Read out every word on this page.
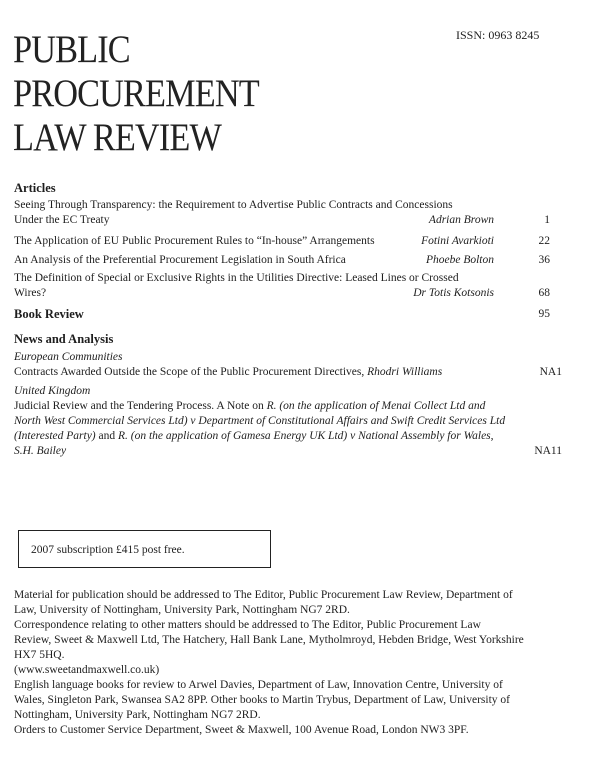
PUBLIC
PROCUREMENT
LAW REVIEW
ISSN: 0963 8245
Articles
Seeing Through Transparency: the Requirement to Advertise Public Contracts and Concessions
Under the EC Treaty	Adrian Brown	1
The Application of EU Public Procurement Rules to “In-house” Arrangements	Fotini Avarkioti	22
An Analysis of the Preferential Procurement Legislation in South Africa	Phoebe Bolton	36
The Definition of Special or Exclusive Rights in the Utilities Directive: Leased Lines or Crossed
Wires?	Dr Totis Kotsonis	68
Book Review	95
News and Analysis
European Communities
Contracts Awarded Outside the Scope of the Public Procurement Directives, Rhodri Williams	NA1
United Kingdom
Judicial Review and the Tendering Process. A Note on R. (on the application of Menai Collect Ltd and
North West Commercial Services Ltd) v Department of Constitutional Affairs and Swift Credit Services Ltd
(Interested Party) and R. (on the application of Gamesa Energy UK Ltd) v National Assembly for Wales,
S.H. Bailey	NA11
2007 subscription £415 post free.
Material for publication should be addressed to The Editor, Public Procurement Law Review, Department of
Law, University of Nottingham, University Park, Nottingham NG7 2RD.
Correspondence relating to other matters should be addressed to The Editor, Public Procurement Law
Review, Sweet & Maxwell Ltd, The Hatchery, Hall Bank Lane, Mytholmroyd, Hebden Bridge, West Yorkshire
HX7 5HQ.
(www.sweetandmaxwell.co.uk)
English language books for review to Arwel Davies, Department of Law, Innovation Centre, University of
Wales, Singleton Park, Swansea SA2 8PP. Other books to Martin Trybus, Department of Law, University of
Nottingham, University Park, Nottingham NG7 2RD.
Orders to Customer Service Department, Sweet & Maxwell, 100 Avenue Road, London NW3 3PF.
